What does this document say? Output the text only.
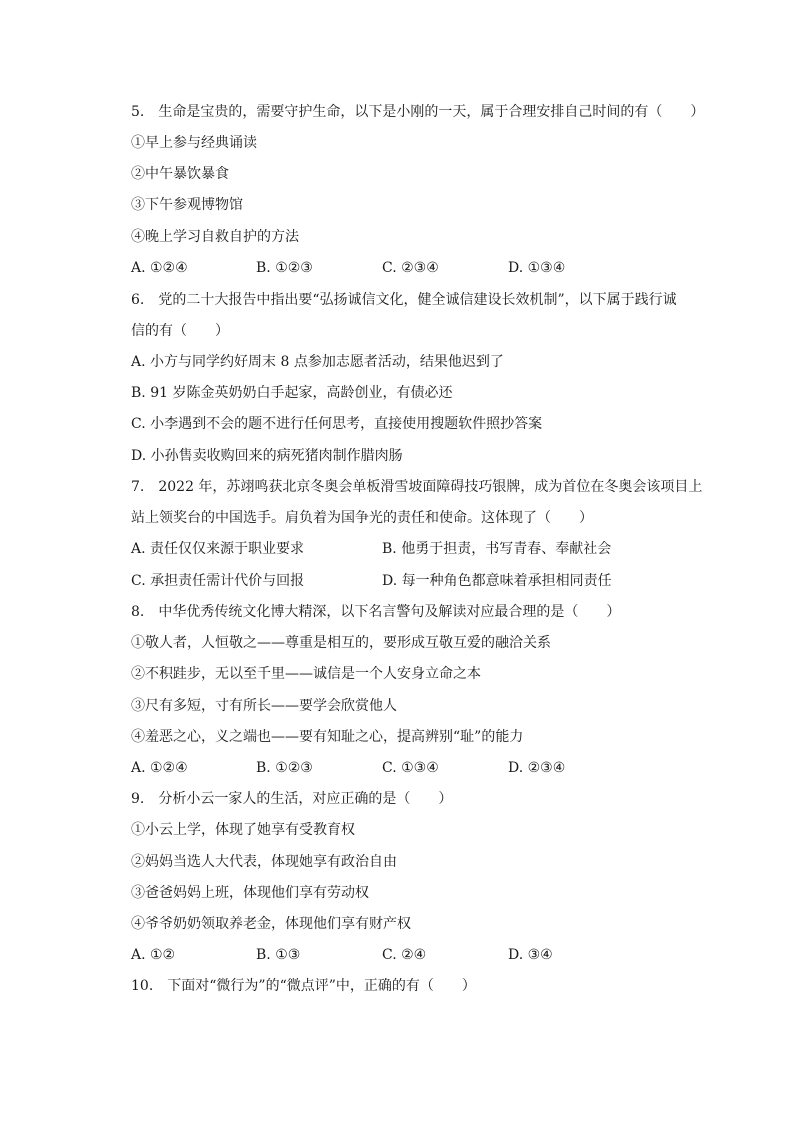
5.　生命是宝贵的，需要守护生命，以下是小刚的一天，属于合理安排自己时间的有（　　）
①早上参与经典诵读
②中午暴饮暴食
③下午参观博物馆
④晚上学习自救自护的方法
A. ①②④	B. ①②③	C. ②③④	D. ①③④
6.　党的二十大报告中指出要“弘扬诚信文化，健全诚信建设长效机制”，以下属于践行诚
信的有（　　）
A. 小方与同学约好周末 8 点参加志愿者活动，结果他迟到了
B. 91 岁陈金英奶奶白手起家，高龄创业，有债必还
C. 小李遇到不会的题不进行任何思考，直接使用搜题软件照抄答案
D. 小孙售卖收购回来的病死猪肉制作腊肉肠
7.　2022 年，苏翊鸣获北京冬奥会单板滑雪坡面障碍技巧银牌，成为首位在冬奥会该项目上
站上领奖台的中国选手。肩负着为国争光的责任和使命。这体现了（　　）
A. 责任仅仅来源于职业要求	B. 他勇于担责，书写青春、奉献社会
C. 承担责任需计代价与回报	D. 每一种角色都意味着承担相同责任
8.　中华优秀传统文化博大精深，以下名言警句及解读对应最合理的是（　　）
①敬人者，人恒敬之——尊重是相互的，要形成互敬互爱的融洽关系
②不积跬步，无以至千里——诚信是一个人安身立命之本
③尺有多短，寸有所长——要学会欣赏他人
④羞恶之心，义之端也——要有知耻之心，提高辨别“耻”的能力
A. ①②④	B. ①②③	C. ①③④	D. ②③④
9.　分析小云一家人的生活，对应正确的是（　　）
①小云上学，体现了她享有受教育权
②妈妈当选人大代表，体现她享有政治自由
③爸爸妈妈上班，体现他们享有劳动权
④爷爷奶奶领取养老金，体现他们享有财产权
A. ①②	B. ①③	C. ②④	D. ③④
10.　下面对“微行为”的“微点评”中，正确的有（　　）
